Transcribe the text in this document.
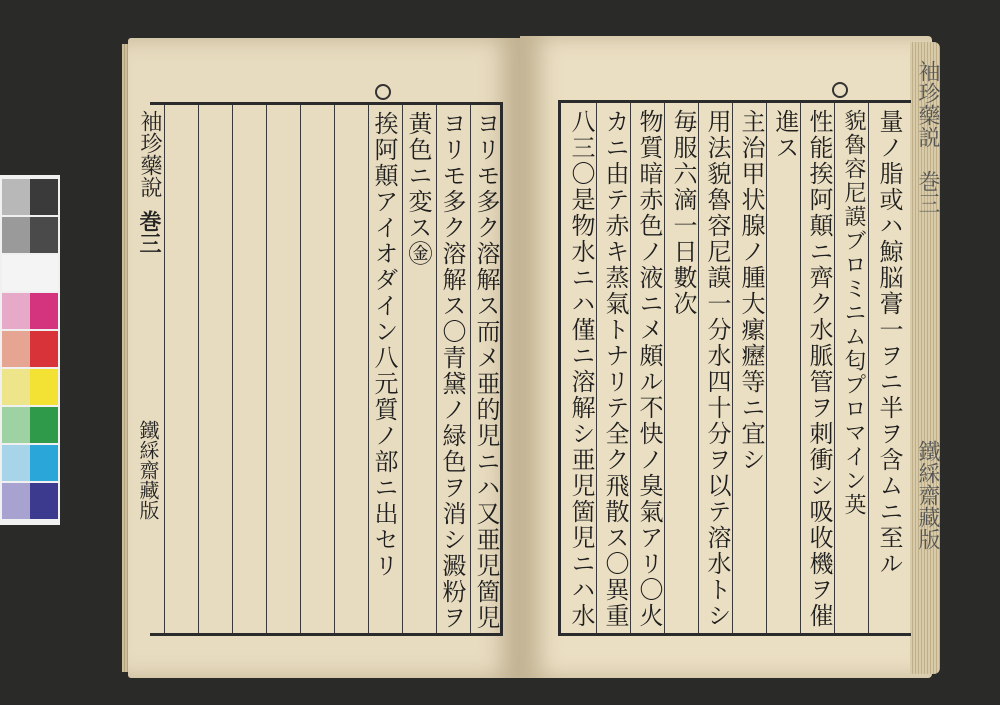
袖珍藥說
巻三
鐵綵齋藏版	ヨリモ多ク溶解ス而メ亜的児ニハ又亜児箇児
ヨリモ多ク溶解ス〇青黛ノ緑色ヲ消シ澱粉ヲ
黄色ニ変ス㊎
挨阿顛アイオダイン八元質ノ部ニ出セリ	量ノ脂或ハ鯨脳膏一ヲニ半ヲ含ムニ至ル
貌魯容尼謨ブロミニム匂プロマイン英
性能挨阿顛ニ齊ク水脈管ヲ刺衝シ吸收機ヲ催
進ス
主治甲状腺ノ腫大瘰癧等ニ宜シ
用法貌魯容尼謨一分水四十分ヲ以テ溶水トシ
毎服六滴一日數次
物質暗赤色ノ液ニメ頗ル不快ノ臭氣アリ〇火
カニ由テ赤キ蒸氣トナリテ全ク飛散ス〇異重
八三〇是物水ニハ僅ニ溶解シ亜児箇児ニハ水
袖珍藥説
巻三
鐵綵齋藏版
